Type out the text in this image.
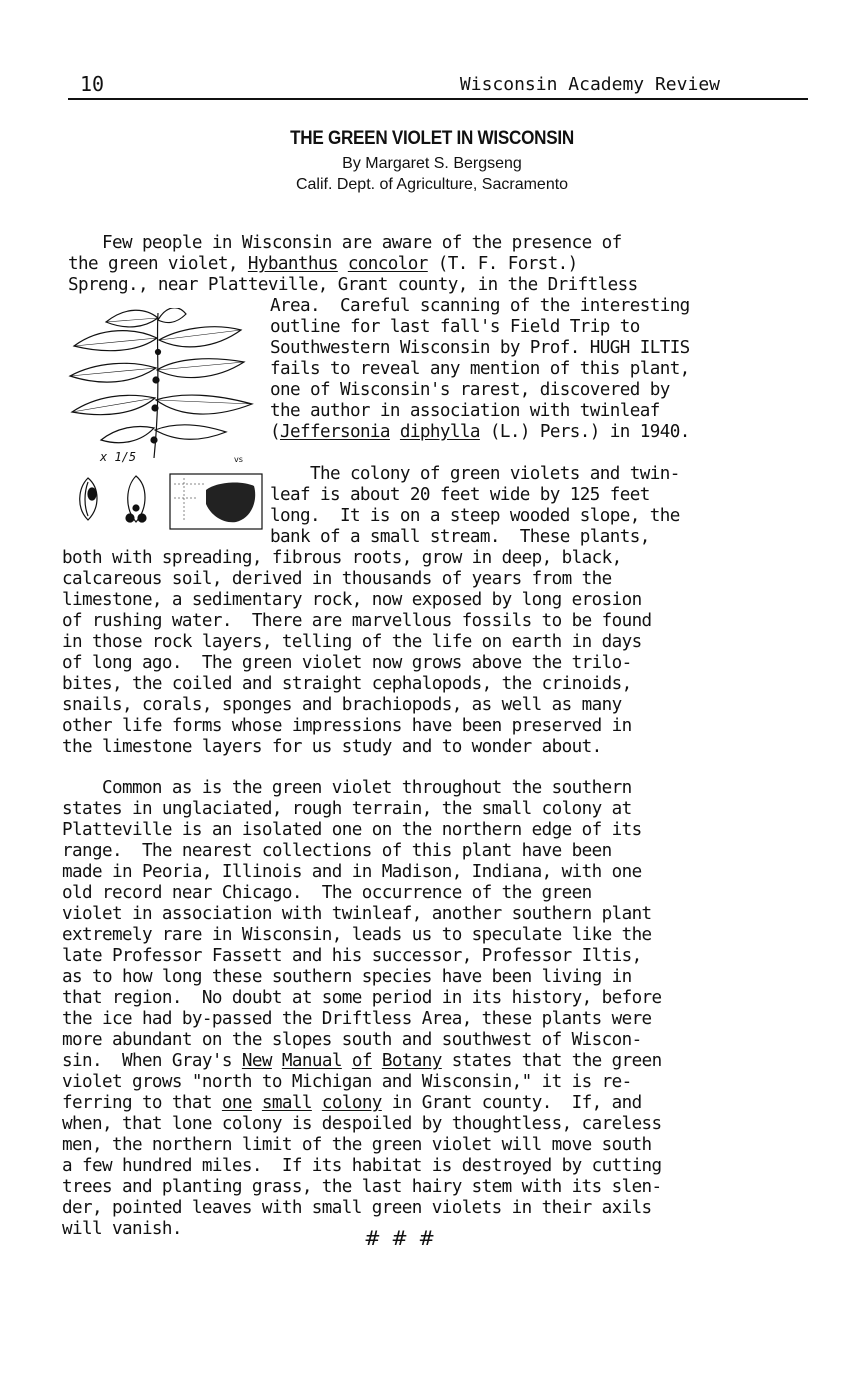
10	Wisconsin Academy Review
THE GREEN VIOLET IN WISCONSIN
By Margaret S. Bergseng
Calif. Dept. of Agriculture, Sacramento
Few people in Wisconsin are aware of the presence of
the green violet, Hybanthus concolor (T. F. Forst.)
Spreng., near Platteville, Grant county, in the Driftless
Area.  Careful scanning of the interesting
outline for last fall's Field Trip to
Southwestern Wisconsin by Prof. HUGH ILTIS
fails to reveal any mention of this plant,
one of Wisconsin's rarest, discovered by
the author in association with twinleaf
(Jeffersonia diphylla (L.) Pers.) in 1940.
x 1/5	vs
The colony of green violets and twin-
leaf is about 20 feet wide by 125 feet
long.  It is on a steep wooded slope, the
bank of a small stream.  These plants,
both with spreading, fibrous roots, grow in deep, black,
calcareous soil, derived in thousands of years from the
limestone, a sedimentary rock, now exposed by long erosion
of rushing water.  There are marvellous fossils to be found
in those rock layers, telling of the life on earth in days
of long ago.  The green violet now grows above the trilo-
bites, the coiled and straight cephalopods, the crinoids,
snails, corals, sponges and brachiopods, as well as many
other life forms whose impressions have been preserved in
the limestone layers for us study and to wonder about.
Common as is the green violet throughout the southern
states in unglaciated, rough terrain, the small colony at
Platteville is an isolated one on the northern edge of its
range.  The nearest collections of this plant have been
made in Peoria, Illinois and in Madison, Indiana, with one
old record near Chicago.  The occurrence of the green
violet in association with twinleaf, another southern plant
extremely rare in Wisconsin, leads us to speculate like the
late Professor Fassett and his successor, Professor Iltis,
as to how long these southern species have been living in
that region.  No doubt at some period in its history, before
the ice had by-passed the Driftless Area, these plants were
more abundant on the slopes south and southwest of Wiscon-
sin.  When Gray's New Manual of Botany states that the green
violet grows "north to Michigan and Wisconsin," it is re-
ferring to that one small colony in Grant county.  If, and
when, that lone colony is despoiled by thoughtless, careless
men, the northern limit of the green violet will move south
a few hundred miles.  If its habitat is destroyed by cutting
trees and planting grass, the last hairy stem with its slen-
der, pointed leaves with small green violets in their axils
will vanish.	# # #
